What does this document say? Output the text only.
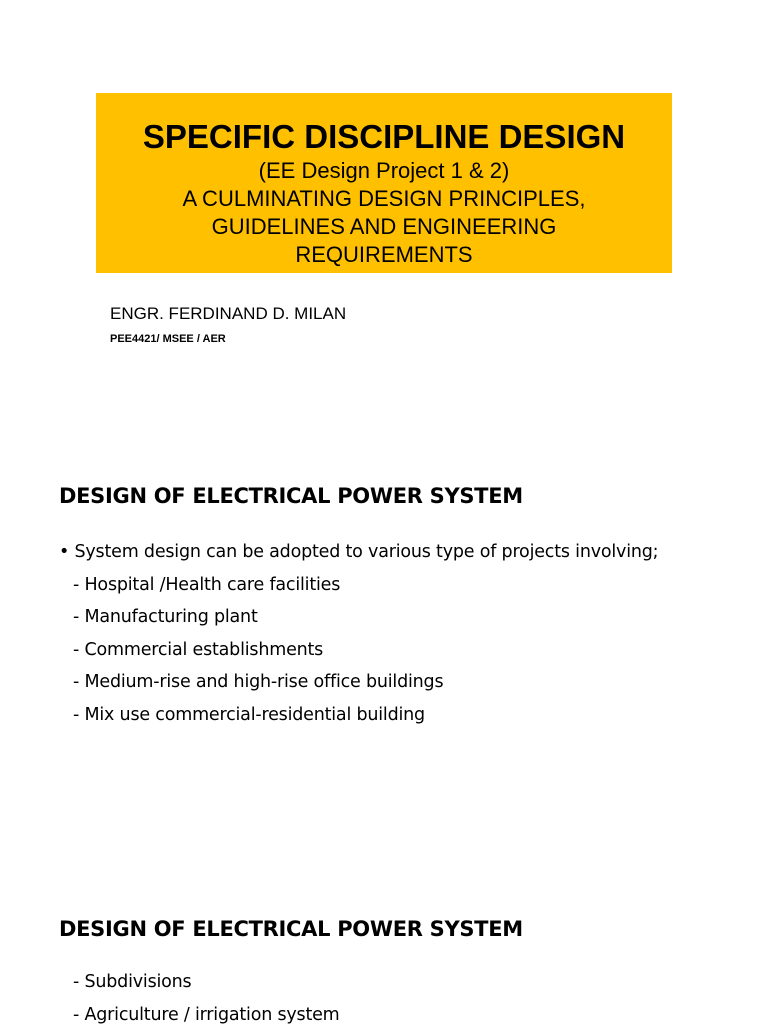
SPECIFIC DISCIPLINE DESIGN

(EE Design Project 1 & 2)

A CULMINATING DESIGN PRINCIPLES,

GUIDELINES AND ENGINEERING

REQUIREMENTS

ENGR. FERDINAND D. MILAN
PEE4421/ MSEE / AER
DESIGN OF ELECTRICAL POWER SYSTEM
• System design can be adopted to various type of projects involving;
- Hospital /Health care facilities
- Manufacturing plant
- Commercial establishments
- Medium-rise and high-rise office buildings
- Mix use commercial-residential building
DESIGN OF ELECTRICAL POWER SYSTEM
- Subdivisions
- Agriculture / irrigation system
